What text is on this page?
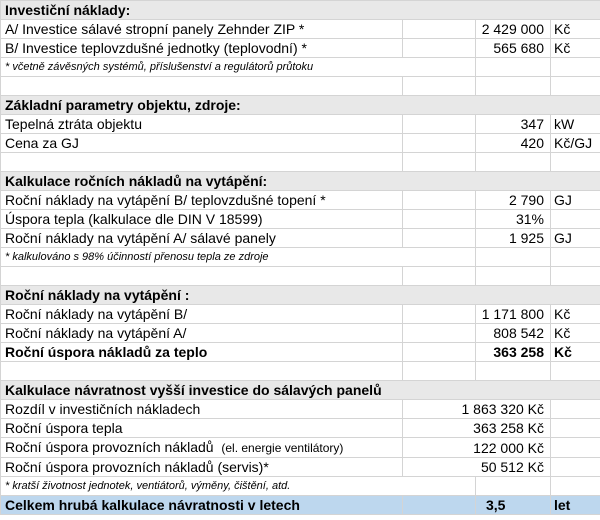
Investiční náklady:			
A/ Investice sálavé stropní panely Zehnder ZIP *		2 429 000	Kč
B/ Investice teplovzdušné jednotky (teplovodní) *		565 680	Kč
* včetně závěsných systémů, příslušenství a regulátorů průtoku			

Základní parametry objektu, zdroje:			
Tepelná ztráta objektu		347	kW
Cena za GJ		420	Kč/GJ

Kalkulace ročních nákladů na vytápění:			
Roční náklady na vytápění B/ teplovzdušné topení *		2 790	GJ
Úspora tepla (kalkulace dle DIN V 18599)		31%	
Roční náklady na vytápění A/ sálavé panely		1 925	GJ
* kalkulováno s 98% účinností přenosu tepla ze zdroje			

Roční náklady na vytápění :			
Roční náklady na vytápění B/		1 171 800	Kč
Roční náklady na vytápění A/		808 542	Kč
Roční úspora nákladů za teplo		363 258	Kč

Kalkulace návratnost vyšší investice do sálavých panelů			
Rozdíl v investičních nákladech	1 863 320 Kč		
Roční úspora tepla	363 258 Kč		
Roční úspora provozních nákladů (el. energie ventilátory)	122 000 Kč		
Roční úspora provozních nákladů (servis)*	50 512 Kč		
* kratší životnost jednotek, ventiátorů, výměny, čištění, atd.			
Celkem hrubá kalkulace návratnosti v letech		3,5	let
